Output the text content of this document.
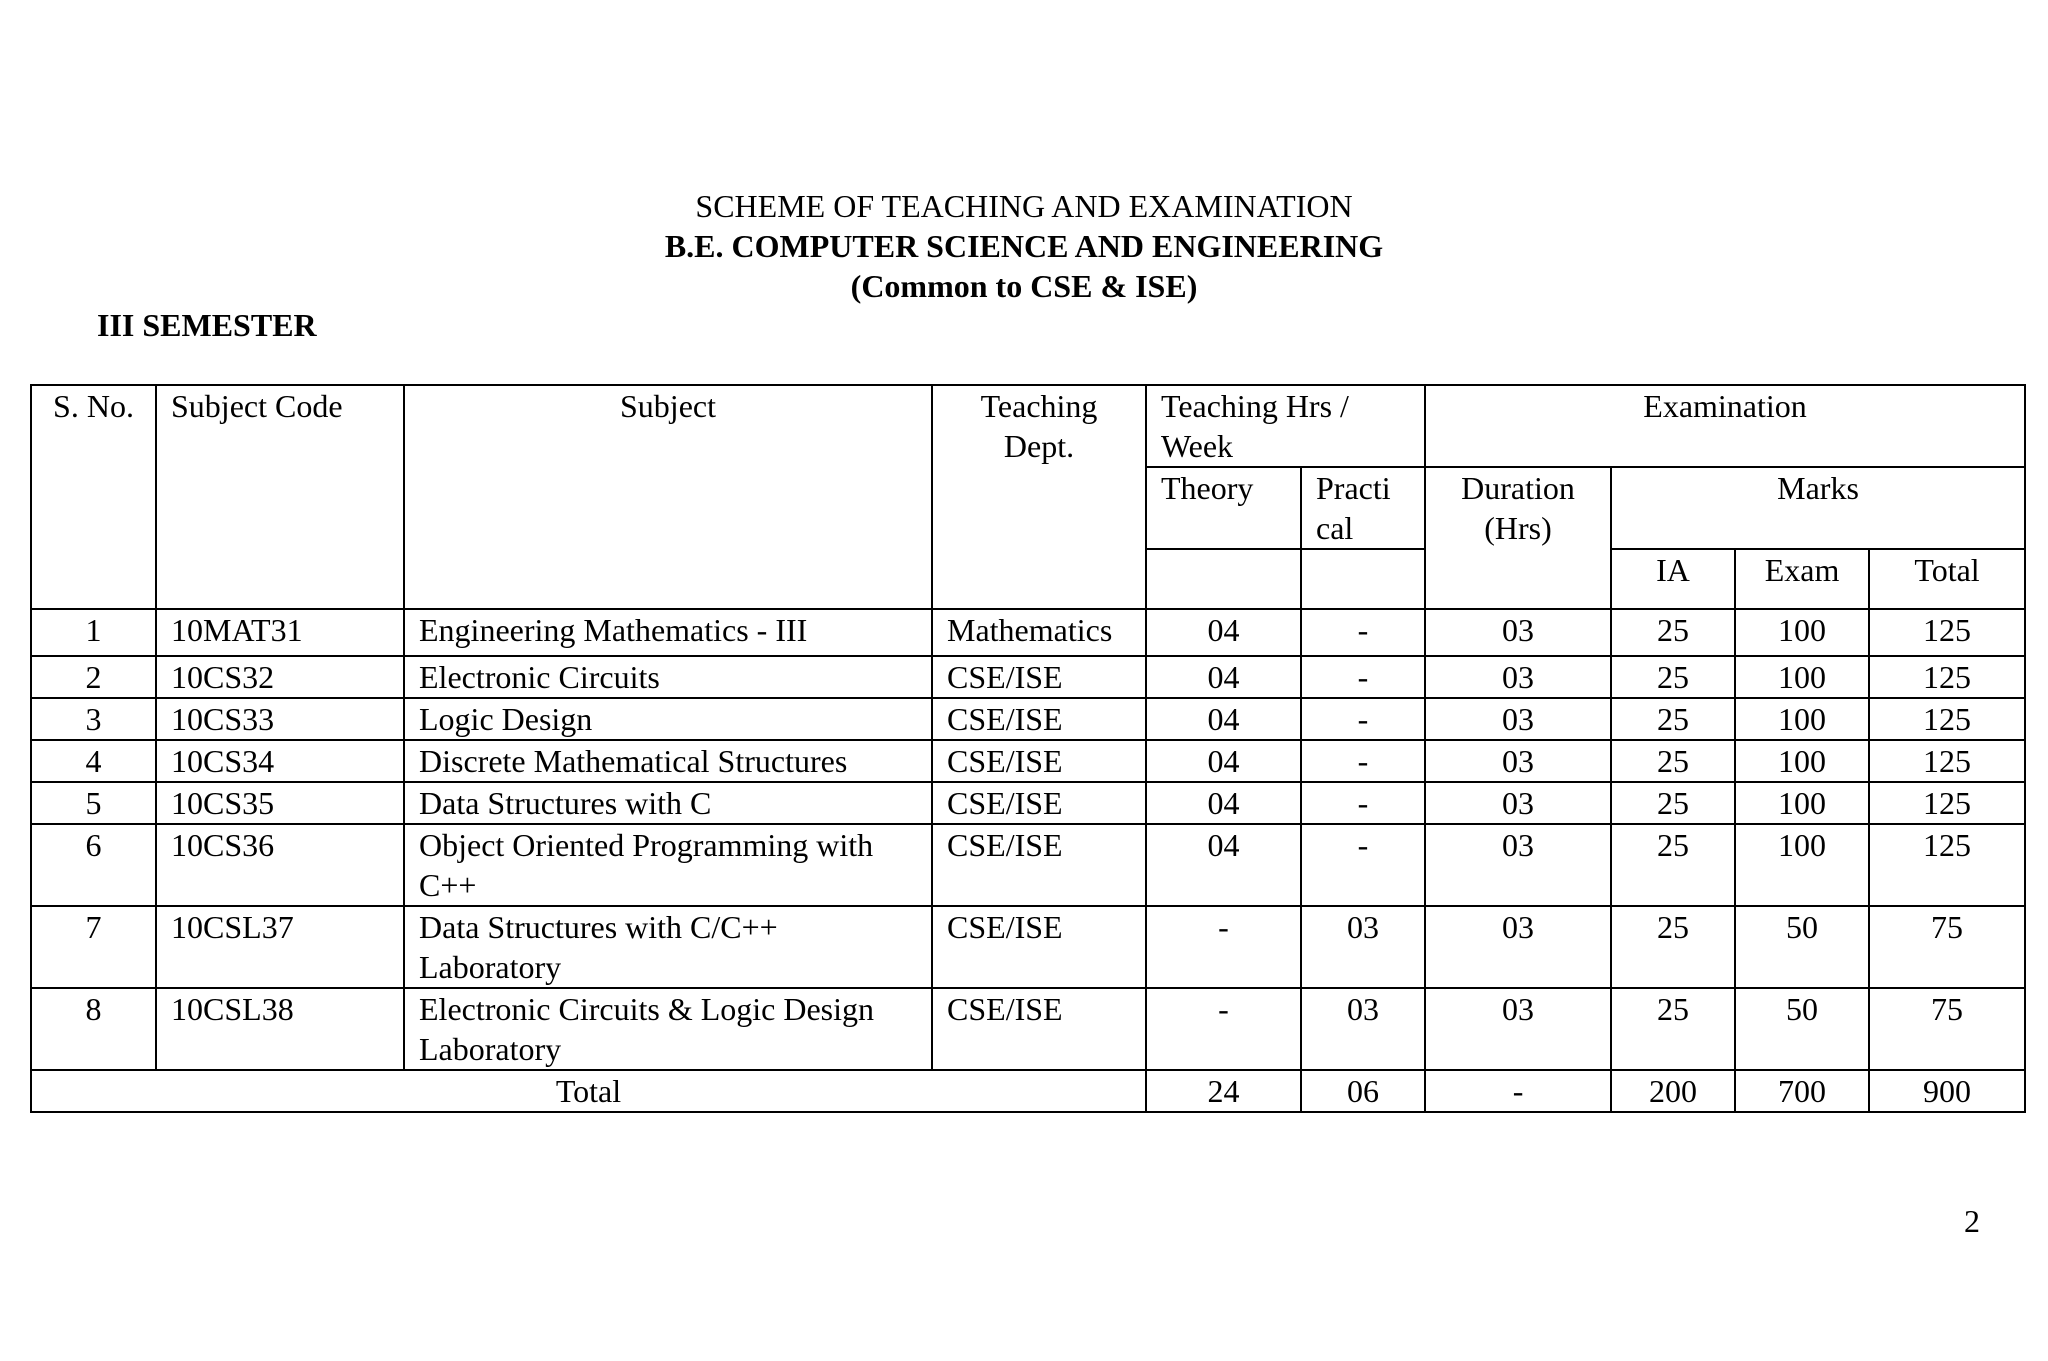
SCHEME OF TEACHING AND EXAMINATION
B.E. COMPUTER SCIENCE AND ENGINEERING
(Common to CSE & ISE)
III SEMESTER
S. No.	Subject Code	Subject	Teaching Dept.	Teaching Hrs / Week		Examination			
				Theory	Practi cal	Duration (Hrs)	Marks		
							IA	Exam	Total
1	10MAT31	Engineering Mathematics - III	Mathematics	04	-	03	25	100	125
2	10CS32	Electronic Circuits	CSE/ISE	04	-	03	25	100	125
3	10CS33	Logic Design	CSE/ISE	04	-	03	25	100	125
4	10CS34	Discrete Mathematical Structures	CSE/ISE	04	-	03	25	100	125
5	10CS35	Data Structures with C	CSE/ISE	04	-	03	25	100	125
6	10CS36	Object Oriented Programming with C++	CSE/ISE	04	-	03	25	100	125
7	10CSL37	Data Structures with C/C++ Laboratory	CSE/ISE	-	03	03	25	50	75
8	10CSL38	Electronic Circuits & Logic Design Laboratory	CSE/ISE	-	03	03	25	50	75
Total				24	06	-	200	700	900
2
